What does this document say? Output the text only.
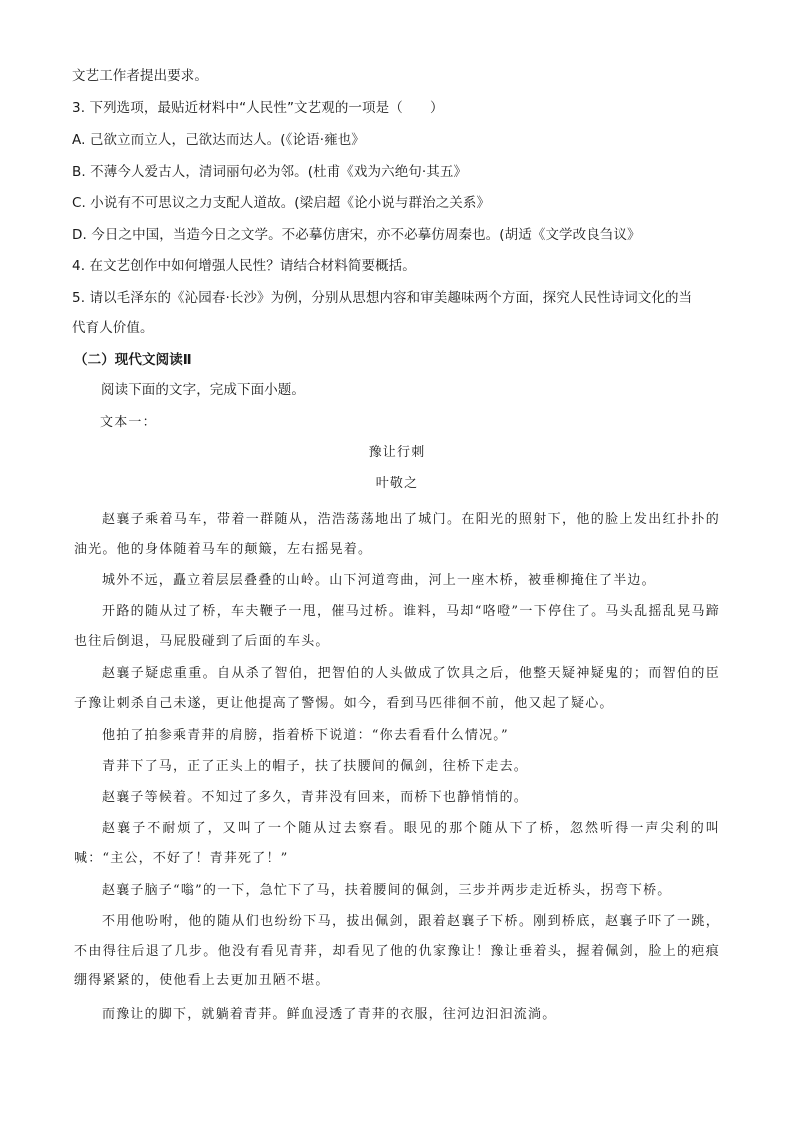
文艺工作者提出要求。
3. 下列选项，最贴近材料中“人民性”文艺观的一项是（　　）
A. 己欲立而立人，己欲达而达人。(《论语·雍也》
B. 不薄今人爱古人，清词丽句必为邻。(杜甫《戏为六绝句·其五》
C. 小说有不可思议之力支配人道故。(梁启超《论小说与群治之关系》
D. 今日之中国，当造今日之文学。不必摹仿唐宋，亦不必摹仿周秦也。(胡适《文学改良刍议》
4. 在文艺创作中如何增强人民性？请结合材料简要概括。
5. 请以毛泽东的《沁园春·长沙》为例，分别从思想内容和审美趣味两个方面，探究人民性诗词文化的当
代育人价值。
（二）现代文阅读Ⅱ
阅读下面的文字，完成下面小题。
文本一：
豫让行刺
叶敬之
赵襄子乘着马车，带着一群随从，浩浩荡荡地出了城门。在阳光的照射下，他的脸上发出红扑扑的油光。他的身体随着马车的颠簸，左右摇晃着。
城外不远，矗立着层层叠叠的山岭。山下河道弯曲，河上一座木桥，被垂柳掩住了半边。
开路的随从过了桥，车夫鞭子一甩，催马过桥。谁料，马却“咯噔”一下停住了。马头乱摇乱晃马蹄也往后倒退，马屁股碰到了后面的车头。
赵襄子疑虑重重。自从杀了智伯，把智伯的人头做成了饮具之后，他整天疑神疑鬼的；而智伯的臣子豫让刺杀自己未遂，更让他提高了警惕。如今，看到马匹徘徊不前，他又起了疑心。
他拍了拍参乘青荓的肩膀，指着桥下说道：“你去看看什么情况。”
青荓下了马，正了正头上的帽子，扶了扶腰间的佩剑，往桥下走去。
赵襄子等候着。不知过了多久，青荓没有回来，而桥下也静悄悄的。
赵襄子不耐烦了，又叫了一个随从过去察看。眼见的那个随从下了桥，忽然听得一声尖利的叫喊：“主公，不好了！青荓死了！”
赵襄子脑子“嗡”的一下，急忙下了马，扶着腰间的佩剑，三步并两步走近桥头，拐弯下桥。
不用他吩咐，他的随从们也纷纷下马，拔出佩剑，跟着赵襄子下桥。刚到桥底，赵襄子吓了一跳，不由得往后退了几步。他没有看见青荓，却看见了他的仇家豫让！豫让垂着头，握着佩剑，脸上的疤痕绷得紧紧的，使他看上去更加丑陋不堪。
而豫让的脚下，就躺着青荓。鲜血浸透了青荓的衣服，往河边汩汩流淌。
